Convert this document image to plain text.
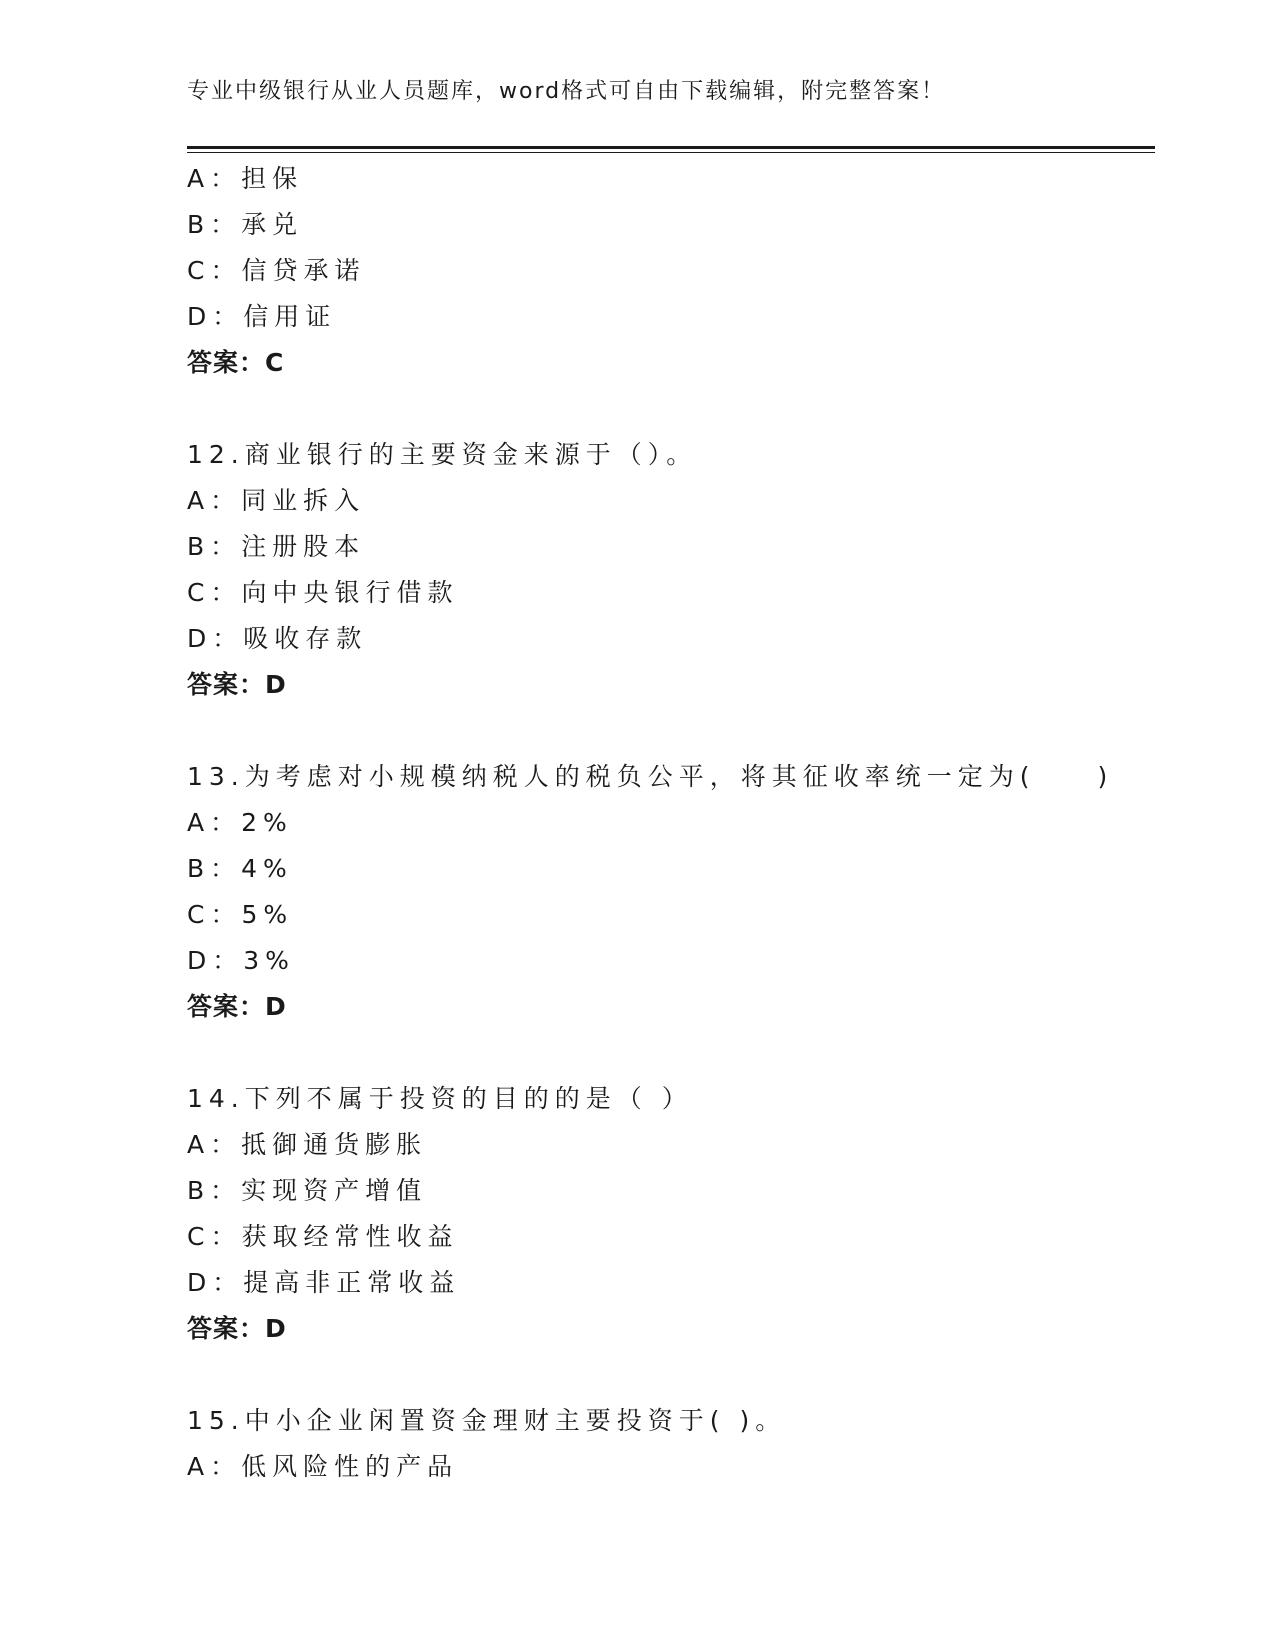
专业中级银行从业人员题库，word格式可自由下载编辑，附完整答案！
A：担保
B：承兑
C：信贷承诺
D：信用证
答案：C
12.商业银行的主要资金来源于（）。
A：同业拆入
B：注册股本
C：向中央银行借款
D：吸收存款
答案：D
13.为考虑对小规模纳税人的税负公平，将其征收率统一定为(　　)
A：2%
B：4%
C：5%
D：3%
答案：D
14.下列不属于投资的目的的是（ ）
A：抵御通货膨胀
B：实现资产增值
C：获取经常性收益
D：提高非正常收益
答案：D
15.中小企业闲置资金理财主要投资于( )。
A：低风险性的产品
